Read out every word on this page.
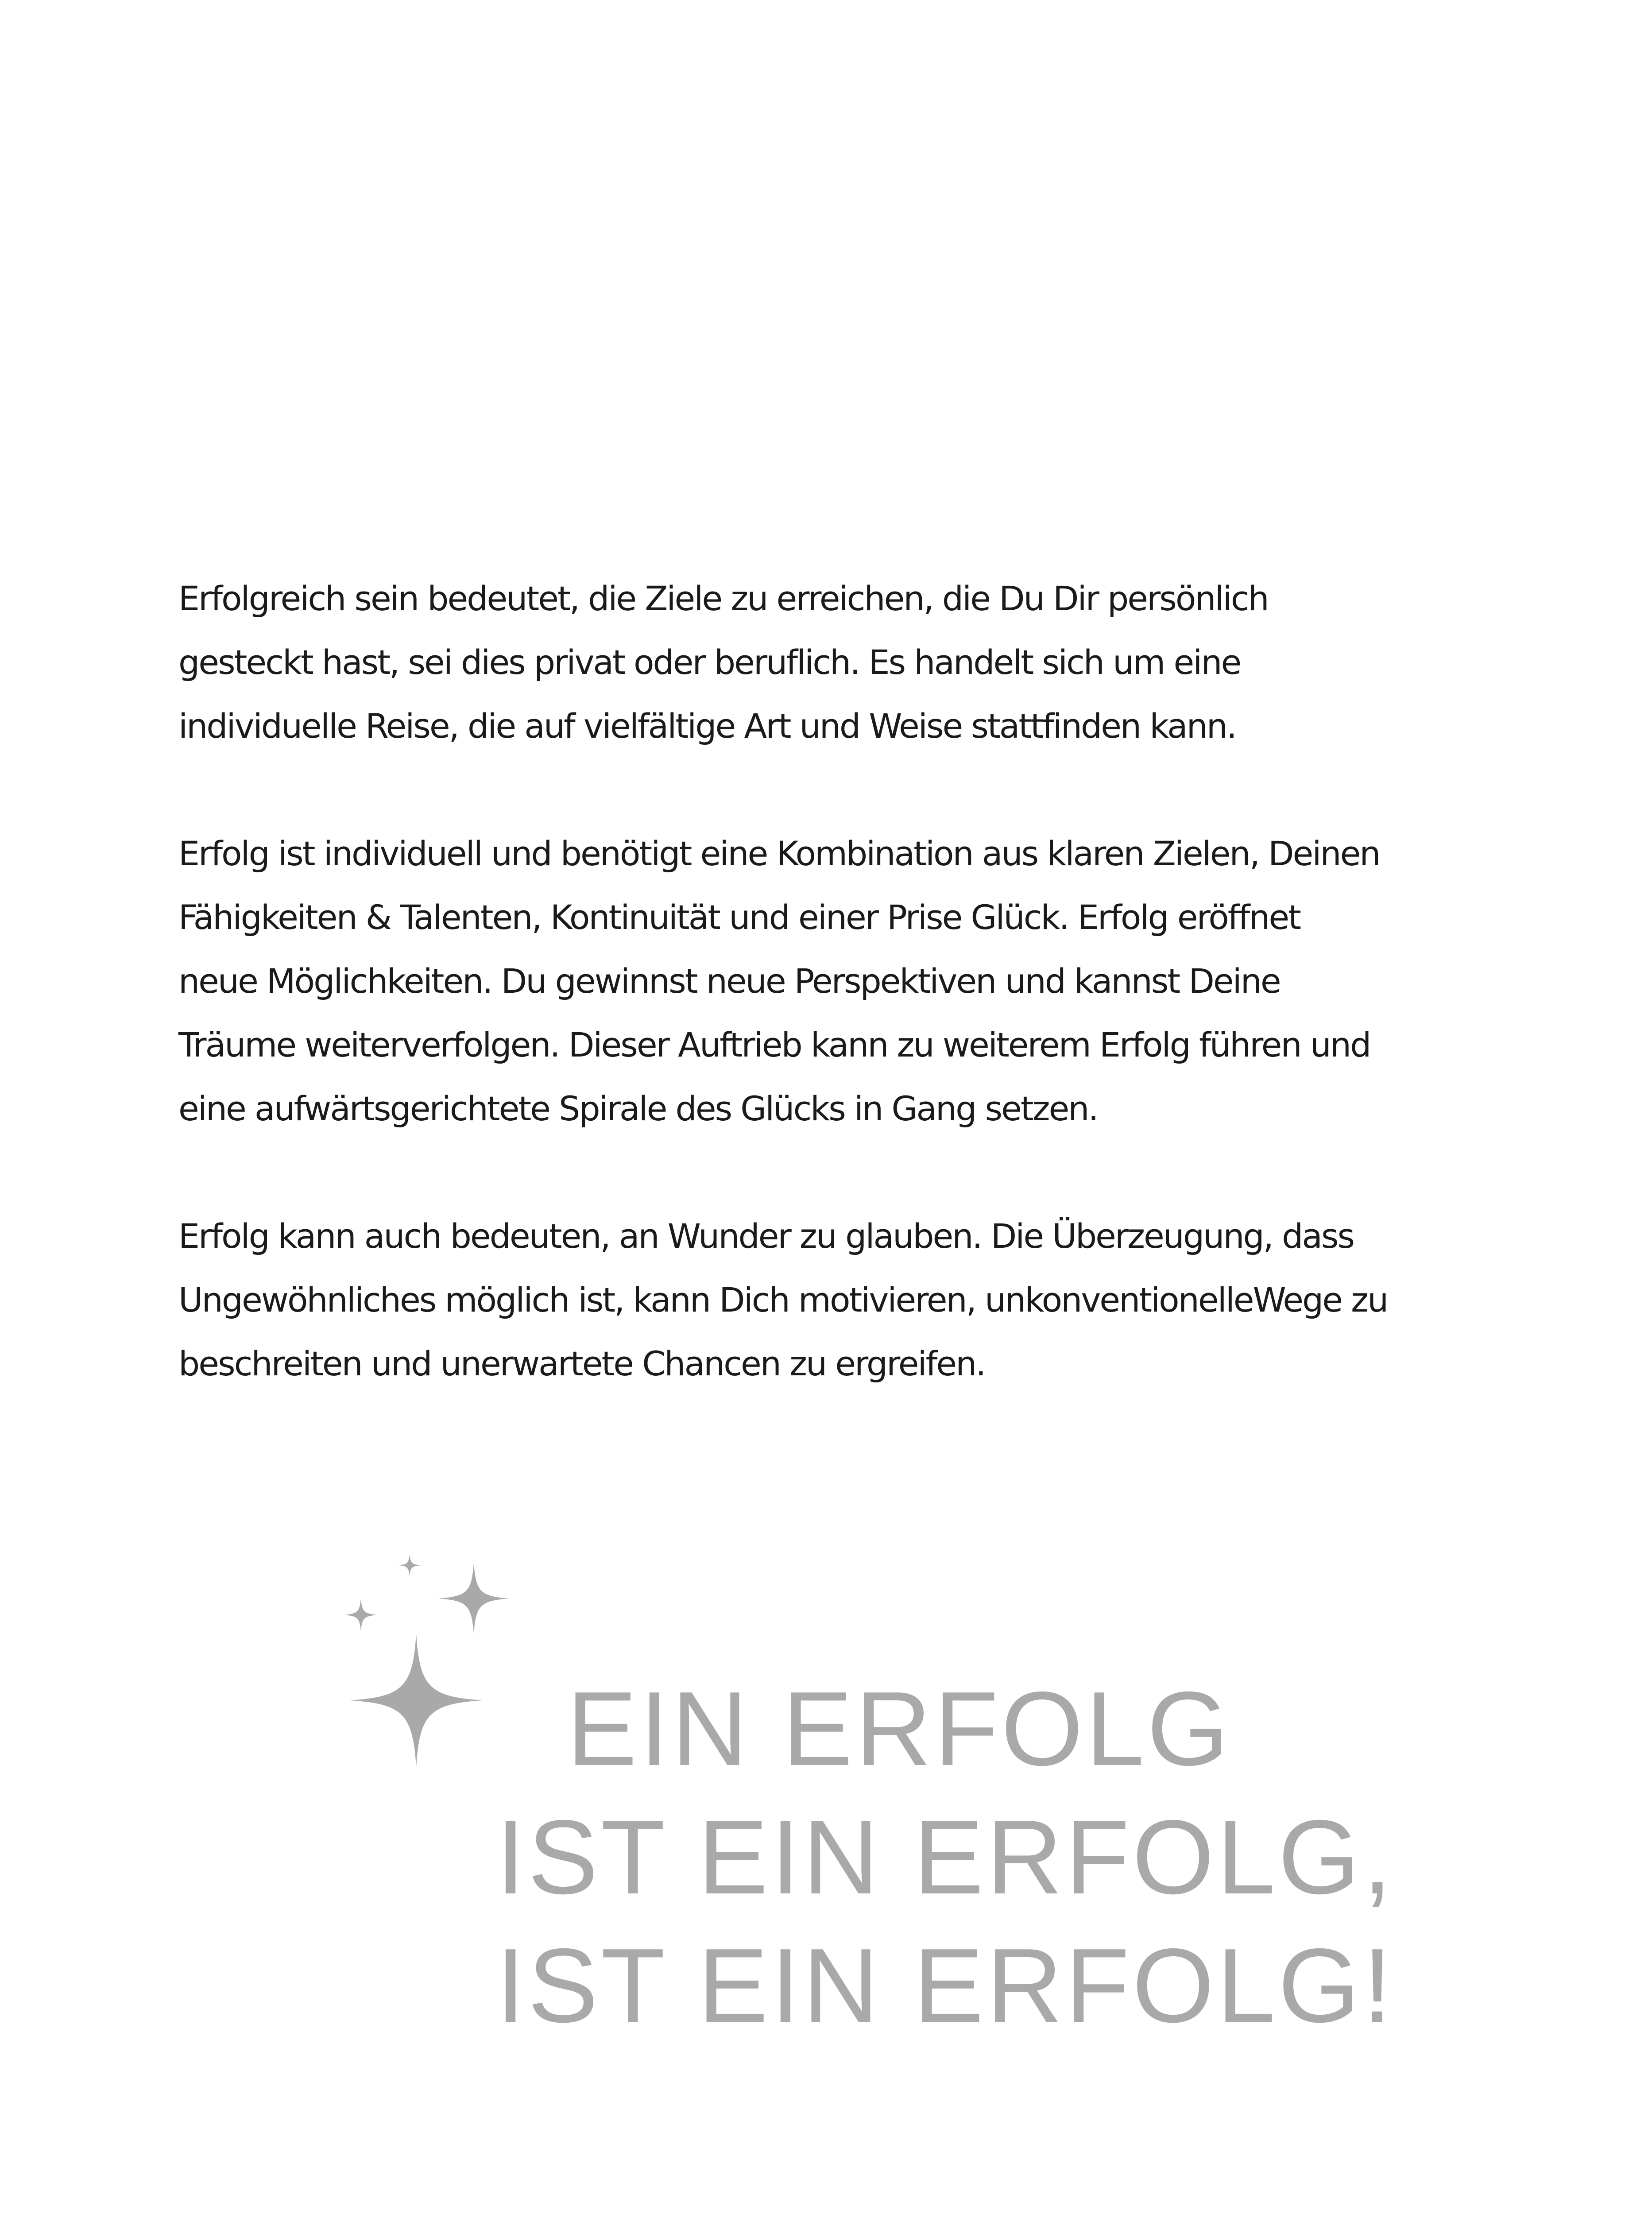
Erfolgreich sein bedeutet, die Ziele zu erreichen, die Du Dir persönlich
gesteckt hast, sei dies privat oder beruflich. Es handelt sich um eine
individuelle Reise, die auf vielfältige Art und Weise stattfinden kann.

Erfolg ist individuell und benötigt eine Kombination aus klaren Zielen, Deinen
Fähigkeiten & Talenten, Kontinuität und einer Prise Glück. Erfolg eröffnet
neue Möglichkeiten. Du gewinnst neue Perspektiven und kannst Deine
Träume weiterverfolgen. Dieser Auftrieb kann zu weiterem Erfolg führen und
eine aufwärtsgerichtete Spirale des Glücks in Gang setzen.

Erfolg kann auch bedeuten, an Wunder zu glauben. Die Überzeugung, dass
Ungewöhnliches möglich ist, kann Dich motivieren, unkonventionelleWege zu
beschreiten und unerwartete Chancen zu ergreifen.

EIN ERFOLG
IST EIN ERFOLG,
IST EIN ERFOLG!
